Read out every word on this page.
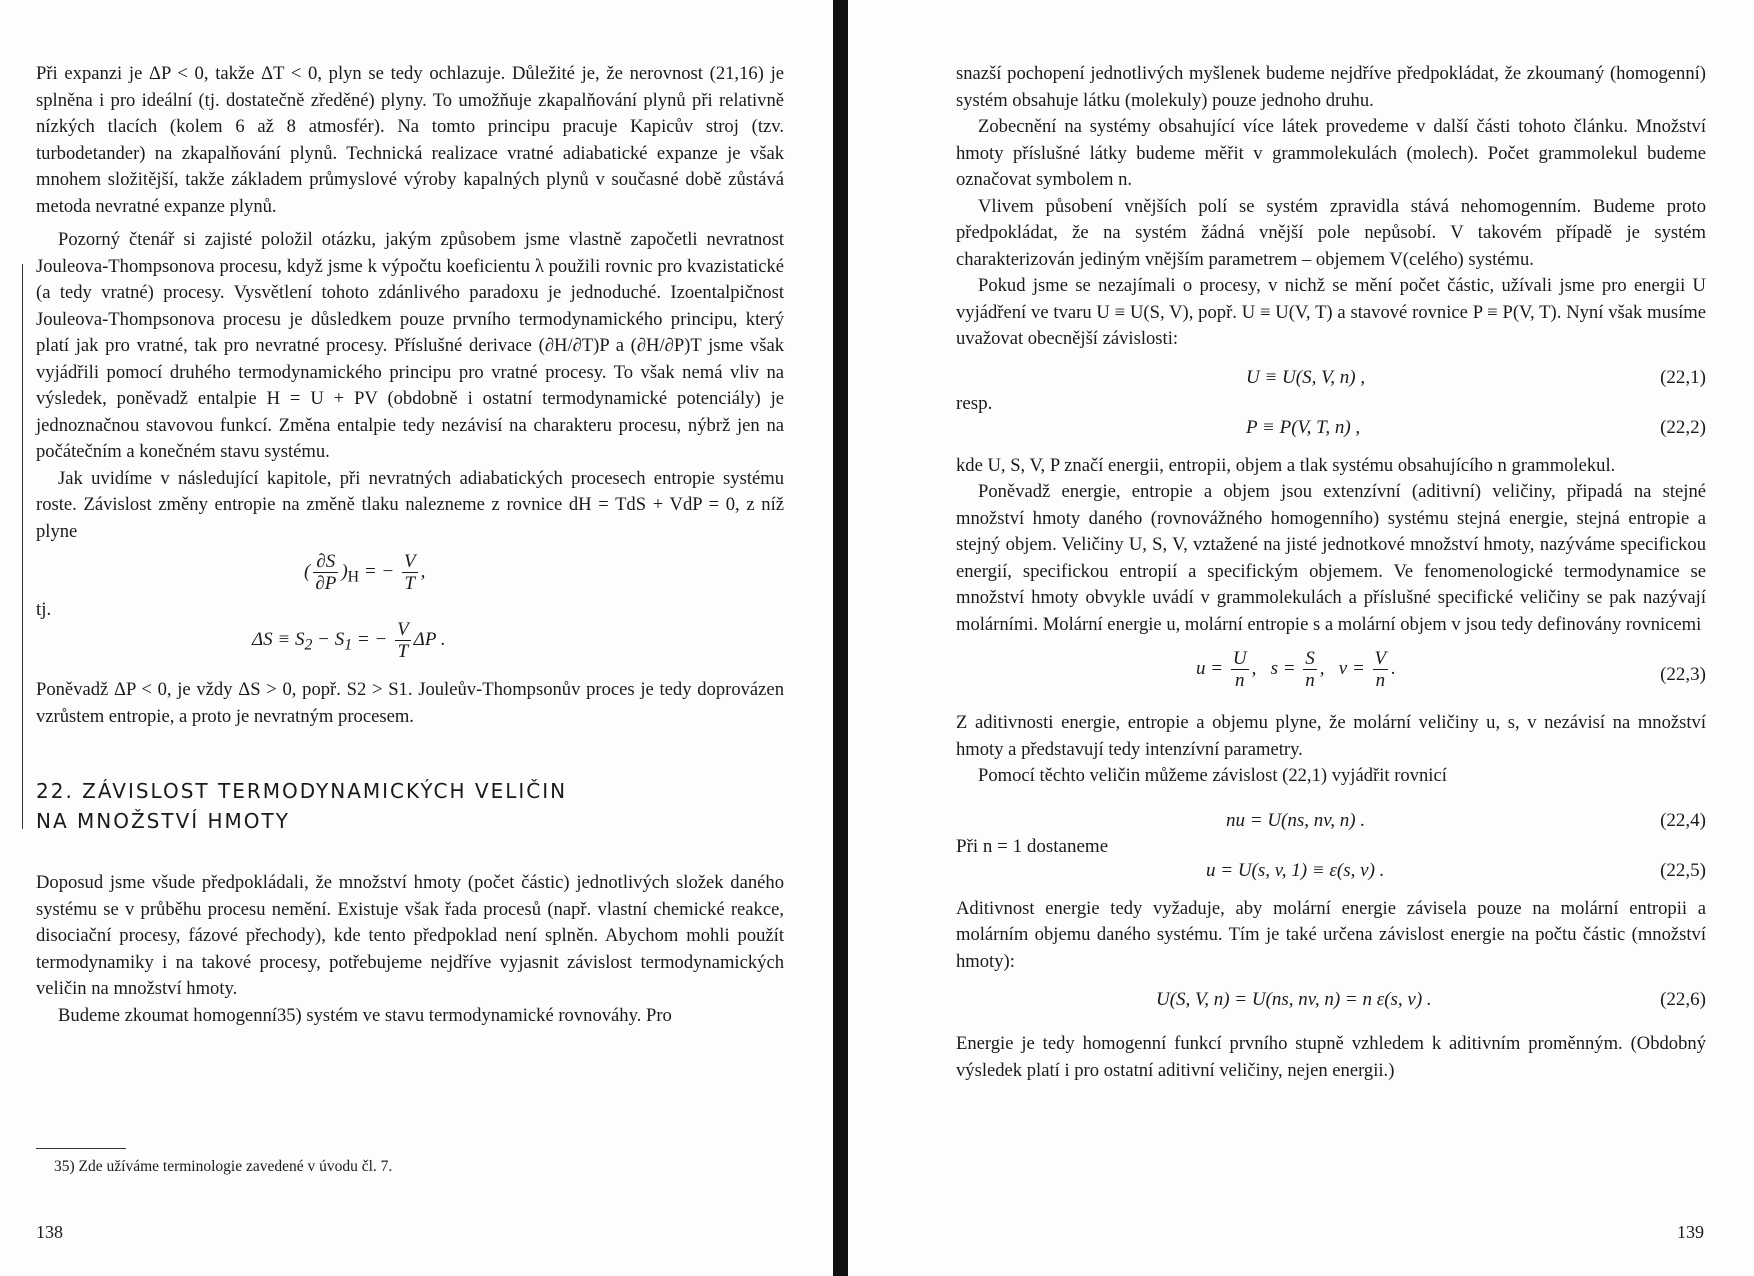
Při expanzi je ΔP < 0, takže ΔT < 0, plyn se tedy ochlazuje. Důležité je, že nerovnost (21,16) je splněna i pro ideální (tj. dostatečně zředěné) plyny. To umožňuje zkapalňování plynů při relativně nízkých tlacích (kolem 6 až 8 atmosfér). Na tomto principu pracuje Kapicův stroj (tzv. turbodetander) na zkapalňování plynů. Technická realizace vratné adiabatické expanze je však mnohem složitější, takže základem průmyslové výroby kapalných plynů v současné době zůstává metoda nevratné expanze plynů.

Pozorný čtenář si zajisté položil otázku, jakým způsobem jsme vlastně započetli nevratnost Jouleova-Thompsonova procesu, když jsme k výpočtu koeficientu λ použili rovnic pro kvazistatické (a tedy vratné) procesy. Vysvětlení tohoto zdánlivého paradoxu je jednoduché. Izoentalpičnost Jouleova-Thompsonova procesu je důsledkem pouze prvního termodynamického principu, který platí jak pro vratné, tak pro nevratné procesy. Příslušné derivace (∂H/∂T)P a (∂H/∂P)T jsme však vyjádřili pomocí druhého termodynamického principu pro vratné procesy. To však nemá vliv na výsledek, poněvadž entalpie H = U + PV (obdobně i ostatní termodynamické potenciály) je jednoznačnou stavovou funkcí. Změna entalpie tedy nezávisí na charakteru procesu, nýbrž jen na počátečním a konečném stavu systému.

Jak uvidíme v následující kapitole, při nevratných adiabatických procesech entropie systému roste. Závislost změny entropie na změně tlaku nalezneme z rovnice dH = TdS + VdP = 0, z níž plyne

( $\frac{\partial S}{\partial P} )_H$ = − $\frac{V}{T}$ ,
tj.
$\Delta S \equiv S_2 - S_1$ = − $\frac{V}{T}$ ΔP .

Poněvadž ΔP < 0, je vždy ΔS > 0, popř. S2 > S1. Jouleův-Thompsonův proces je tedy doprovázen vzrůstem entropie, a proto je nevratným procesem.

22. ZÁVISLOST TERMODYNAMICKÝCH VELIČIN

NA MNOŽSTVÍ HMOTY

Doposud jsme všude předpokládali, že množství hmoty (počet částic) jednotlivých složek daného systému se v průběhu procesu nemění. Existuje však řada procesů (např. vlastní chemické reakce, disociační procesy, fázové přechody), kde tento předpoklad není splněn. Abychom mohli použít termodynamiky i na takové procesy, potřebujeme nejdříve vyjasnit závislost termodynamických veličin na množství hmoty.

Budeme zkoumat homogenní35) systém ve stavu termodynamické rovnováhy. Pro

35) Zde užíváme terminologie zavedené v úvodu čl. 7.
138

snazší pochopení jednotlivých myšlenek budeme nejdříve předpokládat, že zkoumaný (homogenní) systém obsahuje látku (molekuly) pouze jednoho druhu.

Zobecnění na systémy obsahující více látek provedeme v další části tohoto článku. Množství hmoty příslušné látky budeme měřit v grammolekulách (molech). Počet grammolekul budeme označovat symbolem n.

Vlivem působení vnějších polí se systém zpravidla stává nehomogenním. Budeme proto předpokládat, že na systém žádná vnější pole nepůsobí. V takovém případě je systém charakterizován jediným vnějším parametrem – objemem V(celého) systému.

Pokud jsme se nezajímali o procesy, v nichž se mění počet částic, užívali jsme pro energii U vyjádření ve tvaru U ≡ U(S, V), popř. U ≡ U(V, T) a stavové rovnice P ≡ P(V, T). Nyní však musíme uvažovat obecnější závislosti:

U ≡ U(S, V, n) ,	(22,1)
resp.
P ≡ P(V, T, n) ,	(22,2)

kde U, S, V, P značí energii, entropii, objem a tlak systému obsahujícího n grammolekul.

Poněvadž energie, entropie a objem jsou extenzívní (aditivní) veličiny, připadá na stejné množství hmoty daného (rovnovážného homogenního) systému stejná energie, stejná entropie a stejný objem. Veličiny U, S, V, vztažené na jisté jednotkové množství hmoty, nazýváme specifickou energií, specifickou entropií a specifickým objemem. Ve fenomenologické termodynamice se množství hmoty obvykle uvádí v grammolekulách a příslušné specifické veličiny se pak nazývají molárními. Molární energie u, molární entropie s a molární objem v jsou tedy definovány rovnicemi

$u = \frac{U}{n}$ ,   $s = \frac{S}{n}$ ,   $v = \frac{V}{n}$ .	(22,3)

Z aditivnosti energie, entropie a objemu plyne, že molární veličiny u, s, v nezávisí na množství hmoty a představují tedy intenzívní parametry.

Pomocí těchto veličin můžeme závislost (22,1) vyjádřit rovnicí

nu = U(ns, nv, n) .	(22,4)
Při n = 1 dostaneme
u = U(s, v, 1) ≡ ε(s, v) .	(22,5)

Aditivnost energie tedy vyžaduje, aby molární energie závisela pouze na molární entropii a molárním objemu daného systému. Tím je také určena závislost energie na počtu částic (množství hmoty):

U(S, V, n) = U(ns, nv, n) = n ε(s, v) .	(22,6)

Energie je tedy homogenní funkcí prvního stupně vzhledem k aditivním proměnným. (Obdobný výsledek platí i pro ostatní aditivní veličiny, nejen energii.)

139
